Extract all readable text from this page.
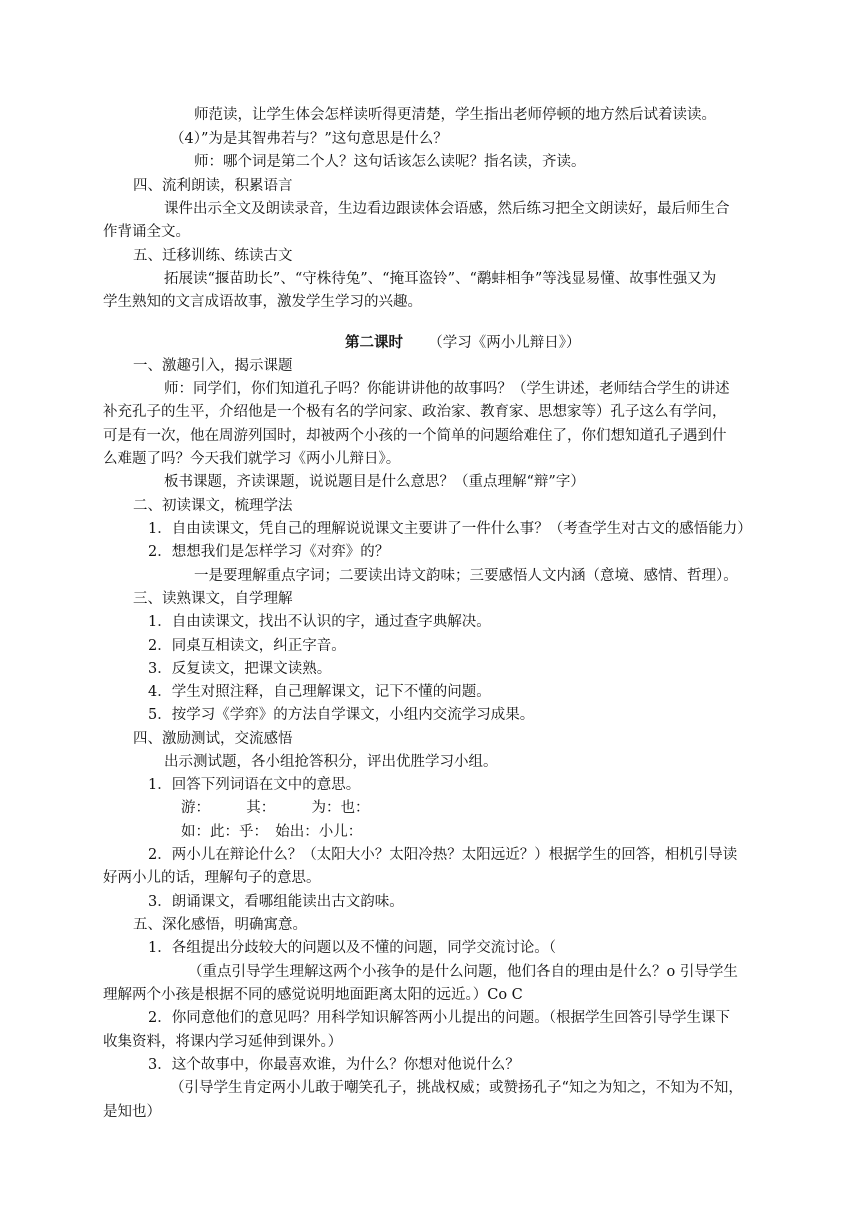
师范读，让学生体会怎样读听得更清楚，学生指出老师停顿的地方然后试着读读。

（4）”为是其智弗若与？”这句意思是什么？

师：哪个词是第二个人？这句话该怎么读呢？指名读，齐读。

四、流利朗读，积累语言

课件出示全文及朗读录音，生边看边跟读体会语感，然后练习把全文朗读好，最后师生合

作背诵全文。

五、迁移训练、练读古文

拓展读“揠苗助长”、“守株待兔”、“掩耳盗铃”、“鹬蚌相争”等浅显易懂、故事性强又为

学生熟知的文言成语故事，激发学生学习的兴趣。

第二课时 （学习《两小儿辩日》）

一、激趣引入，揭示课题

师：同学们，你们知道孔子吗？你能讲讲他的故事吗？（学生讲述，老师结合学生的讲述

补充孔子的生平，介绍他是一个极有名的学问家、政治家、教育家、思想家等）孔子这么有学问，

可是有一次，他在周游列国时，却被两个小孩的一个简单的问题给难住了，你们想知道孔子遇到什

么难题了吗？今天我们就学习《两小儿辩日》。

板书课题，齐读课题，说说题目是什么意思？（重点理解“辩”字）

二、初读课文，梳理学法

1．自由读课文，凭自己的理解说说课文主要讲了一件什么事？（考查学生对古文的感悟能力）

2．想想我们是怎样学习《对弈》的？

一是要理解重点字词；二要读出诗文韵味；三要感悟人文内涵（意境、感情、哲理）。

三、读熟课文，自学理解

1．自由读课文，找出不认识的字，通过查字典解决。

2．同桌互相读文，纠正字音。

3．反复读文，把课文读熟。

4．学生对照注释，自己理解课文，记下不懂的问题。

5．按学习《学弈》的方法自学课文，小组内交流学习成果。

四、激励测试，交流感悟

出示测试题，各小组抢答积分，评出优胜学习小组。

1．回答下列词语在文中的意思。

游：　　　其：　　　为：也：

如：此：乎：　始出：小儿：

2．两小儿在辩论什么？（太阳大小？太阳冷热？太阳远近？）根据学生的回答，相机引导读

好两小儿的话，理解句子的意思。

3．朗诵课文，看哪组能读出古文韵味。

五、深化感悟，明确寓意。

1．各组提出分歧较大的问题以及不懂的问题，同学交流讨论。（

（重点引导学生理解这两个小孩争的是什么问题，他们各自的理由是什么？o 引导学生

理解两个小孩是根据不同的感觉说明地面距离太阳的远近。）Co C

2．你同意他们的意见吗？用科学知识解答两小儿提出的问题。（根据学生回答引导学生课下

收集资料，将课内学习延伸到课外。）

3．这个故事中，你最喜欢谁，为什么？你想对他说什么？

（引导学生肯定两小儿敢于嘲笑孔子，挑战权威；或赞扬孔子“知之为知之，不知为不知，

是知也）
